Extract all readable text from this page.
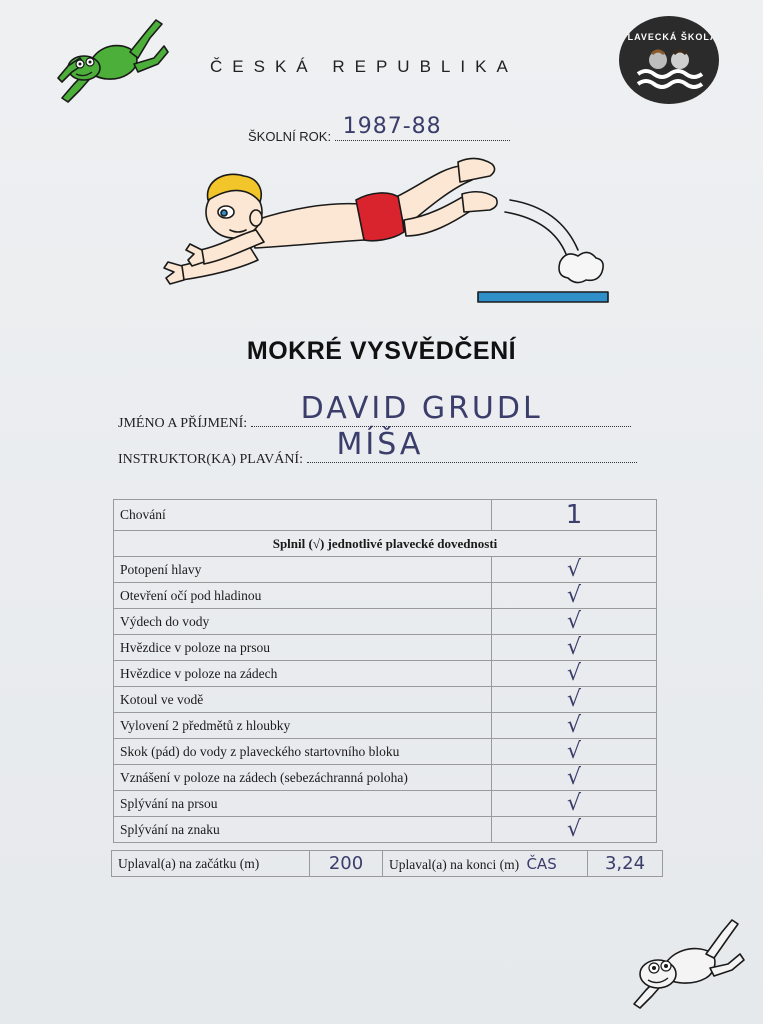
ČESKÁ REPUBLIKA
PLAVECKÁ ŠKOLA
ŠKOLNÍ ROK: 1987-88
MOKRÉ VYSVĚDČENÍ
JMÉNO A PŘÍJMENÍ: DAVID GRUDL
INSTRUKTOR(KA) PLAVÁNÍ: MÍŠA
Chování	1
Splnil (√) jednotlivé plavecké dovednosti	
Potopení hlavy	√
Otevření očí pod hladinou	√
Výdech do vody	√
Hvězdice v poloze na prsou	√
Hvězdice v poloze na zádech	√
Kotoul ve vodě	√
Vylovení 2 předmětů z hloubky	√
Skok (pád) do vody z plaveckého startovního bloku	√
Vznášení v poloze na zádech (sebezáchranná poloha)	√
Splývání na prsou	√
Splývání na znaku	√
Uplaval(a) na začátku (m)	200	Uplaval(a) na konci (m) ČAS	3,24
